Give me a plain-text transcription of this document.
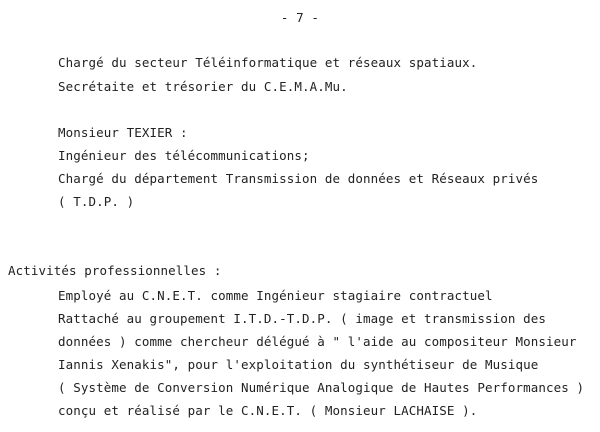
- 7 -
Chargé du secteur Téléinformatique et réseaux spatiaux.
Secrétaite et trésorier du C.E.M.A.Mu.
Monsieur TEXIER :
Ingénieur des télécommunications;
Chargé du département Transmission de données et Réseaux privés
( T.D.P. )
Activités professionnelles :
Employé au C.N.E.T. comme Ingénieur stagiaire contractuel
Rattaché au groupement I.T.D.-T.D.P. ( image et transmission des
données ) comme chercheur délégué à " l'aide au compositeur Monsieur
Iannis Xenakis", pour l'exploitation du synthétiseur de Musique
( Système de Conversion Numérique Analogique de Hautes Performances )
conçu et réalisé par le C.N.E.T. ( Monsieur LACHAISE ).
